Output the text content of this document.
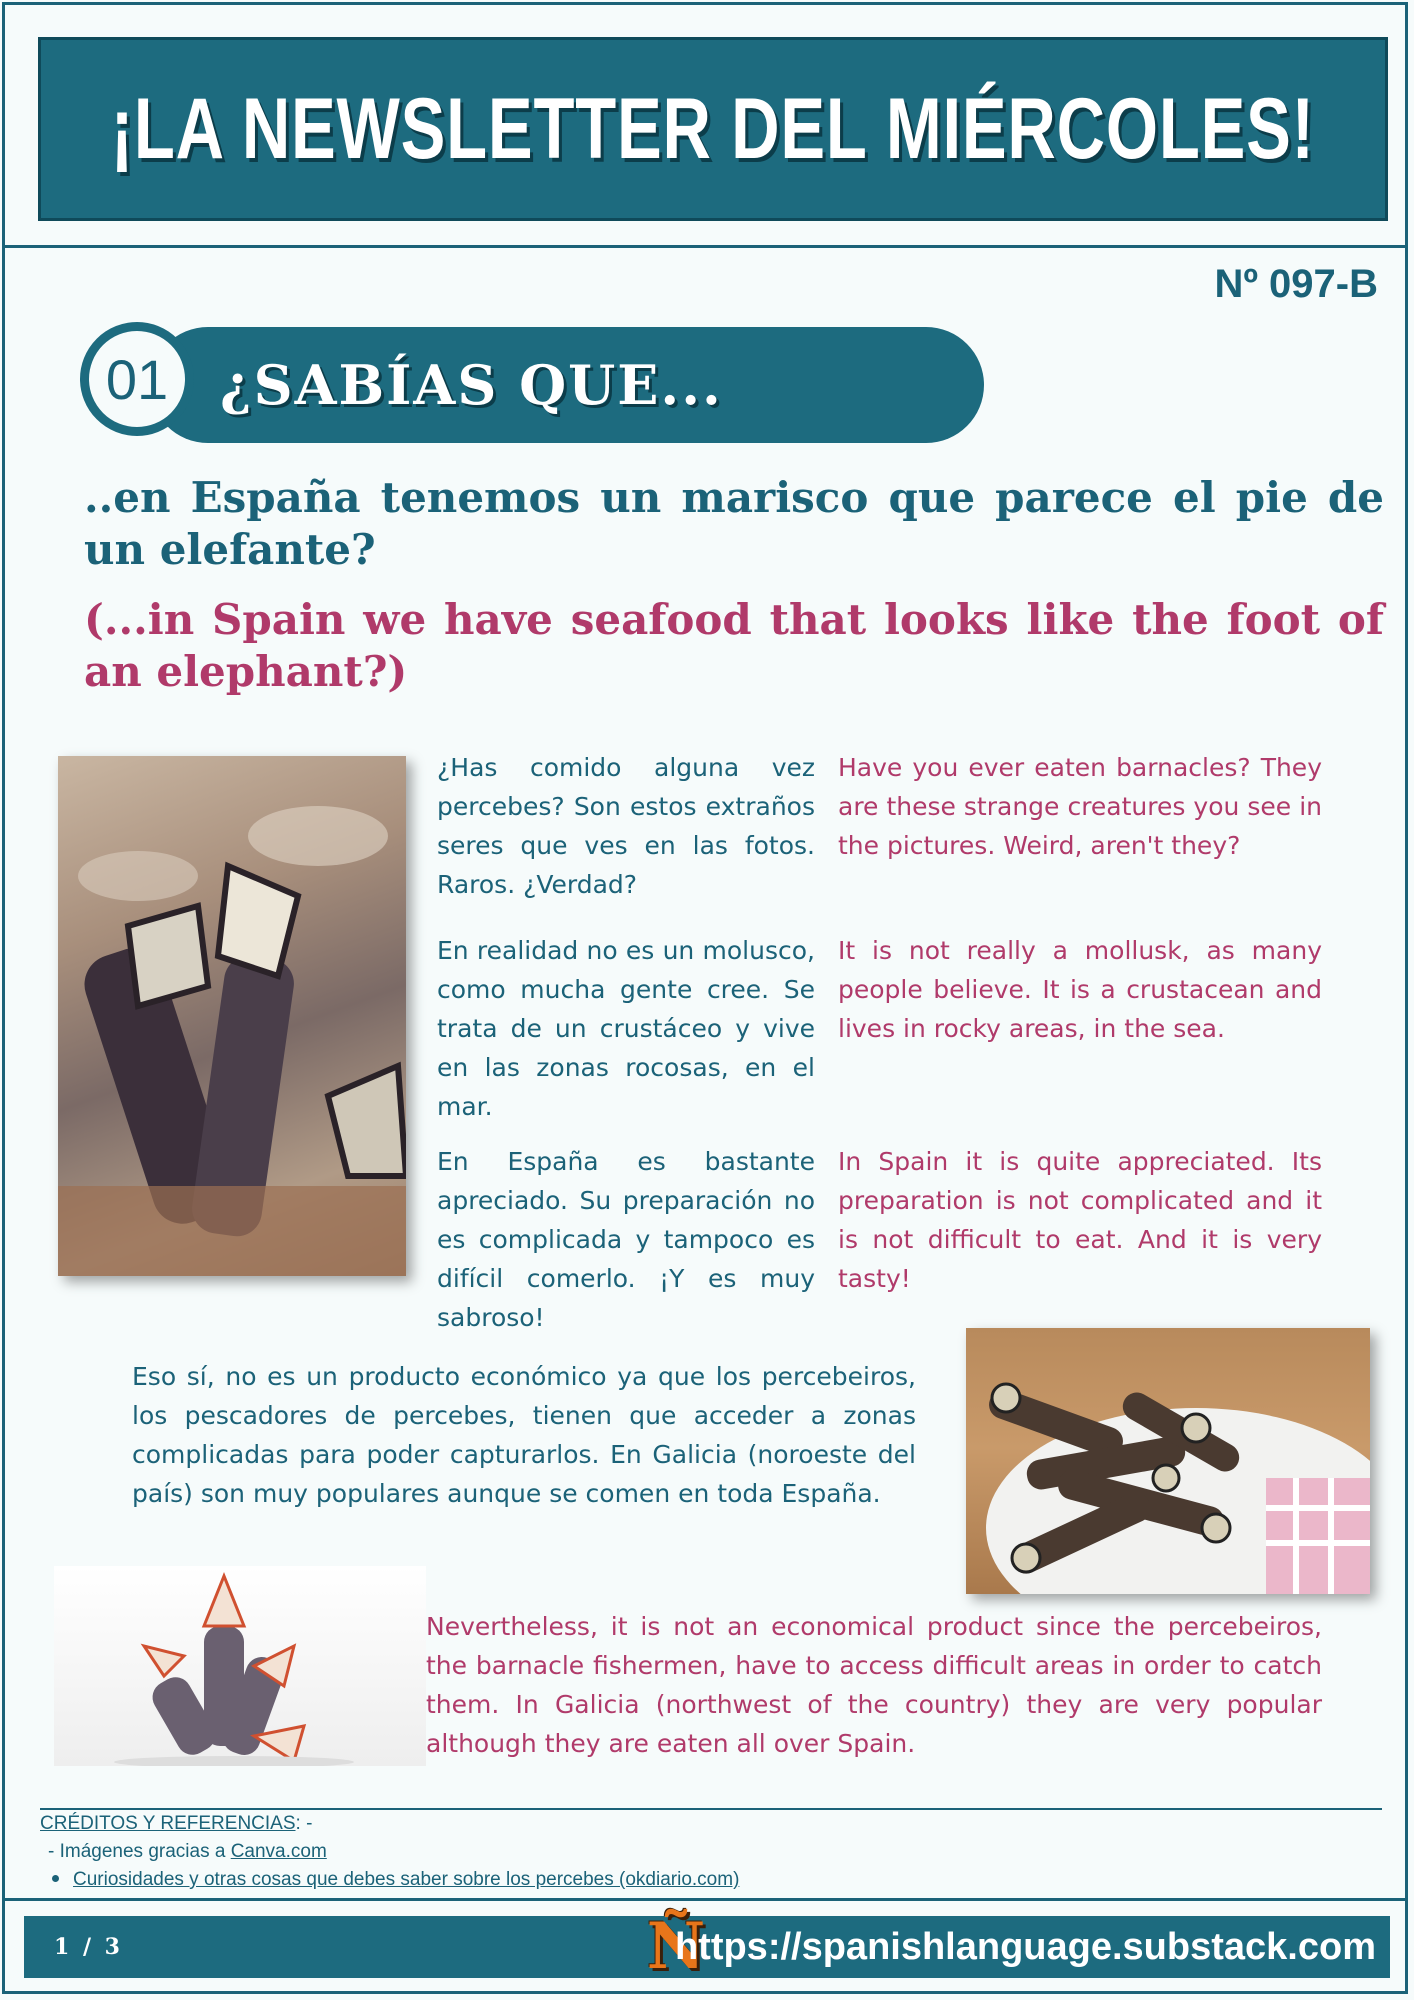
¡LA NEWSLETTER DEL MIÉRCOLES!
Nº 097-B
¿SABÍAS QUE...
01
..en España tenemos un marisco que parece el pie de un elefante?
(...in Spain we have seafood that looks like the foot of an elephant?)

¿Has comido alguna vez percebes? Son estos extraños seres que ves en las fotos. Raros. ¿Verdad?

Have you ever eaten barnacles? They are these strange creatures you see in the pictures. Weird, aren't they?

En realidad no es un molusco, como mucha gente cree. Se trata de un crustáceo y vive en las zonas rocosas, en el mar.

It is not really a mollusk, as many people believe. It is a crustacean and lives in rocky areas, in the sea.

En España es bastante apreciado. Su preparación no es complicada y tampoco es difícil comerlo. ¡Y es muy sabroso!

In Spain it is quite appreciated. Its preparation is not complicated and it is not difficult to eat. And it is very tasty!

Eso sí, no es un producto económico ya que los percebeiros, los pescadores de percebes, tienen que acceder a zonas complicadas para poder capturarlos. En Galicia (noroeste del país) son muy populares aunque se comen en toda España.

Nevertheless, it is not an economical product since the percebeiros, the barnacle fishermen, have to access difficult areas in order to catch them. In Galicia (northwest of the country) they are very popular although they are eaten all over Spain.

CRÉDITOS Y REFERENCIAS: -
- Imágenes gracias a Canva.com
Curiosidades y otras cosas que debes saber sobre los percebes (okdiario.com)
1 / 3	Ñ
https://spanishlanguage.substack.com
